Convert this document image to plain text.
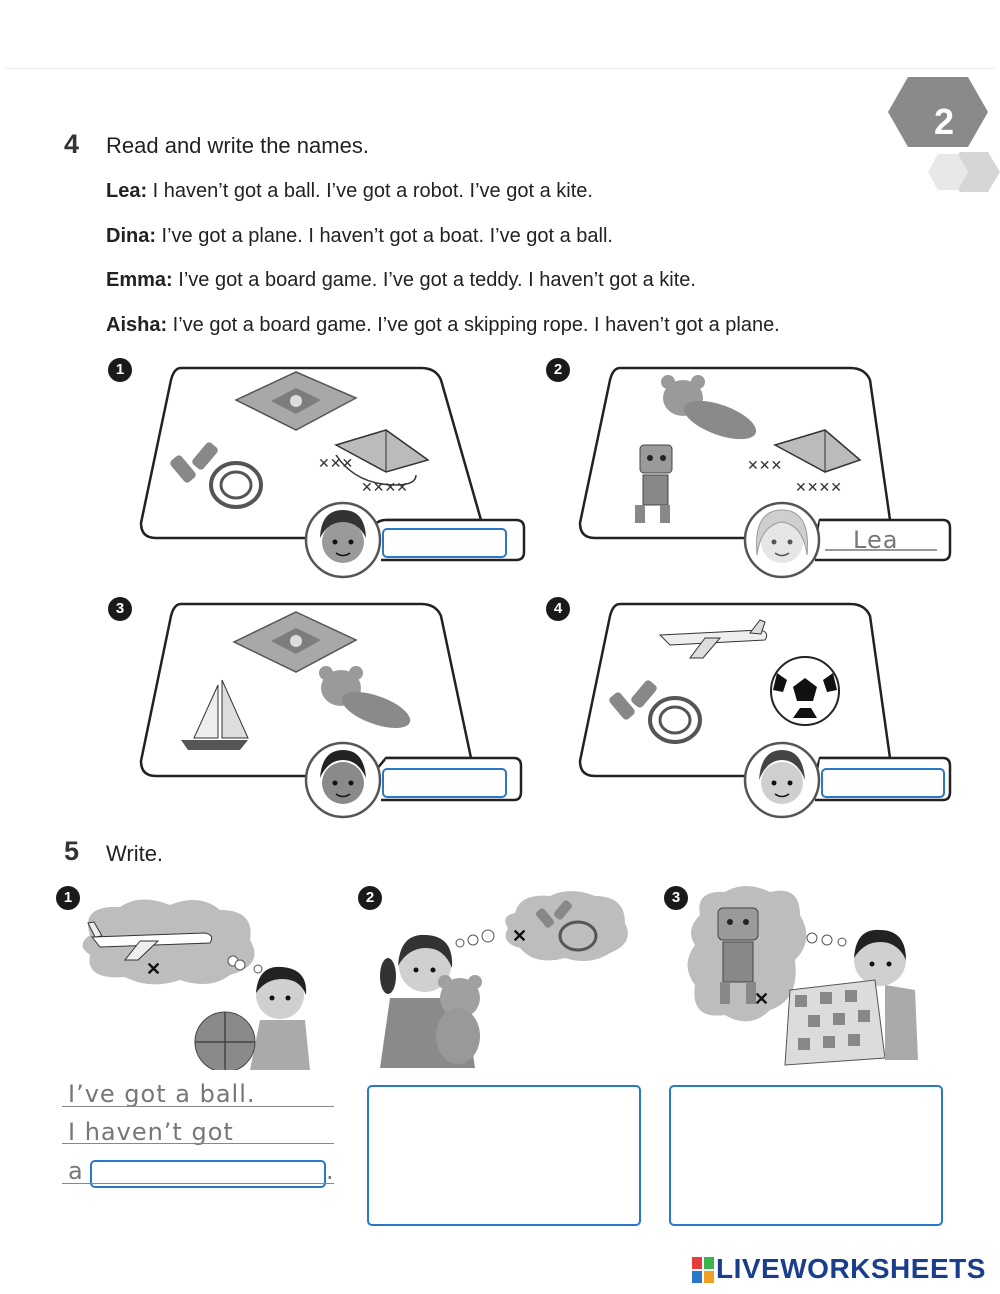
2
4 Read and write the names.
Lea: I haven’t got a ball. I’ve got a robot. I’ve got a kite.
Dina: I’ve got a plane. I haven’t got a boat. I’ve got a ball.
Emma: I’ve got a board game. I’ve got a teddy. I haven’t got a kite.
Aisha: I’ve got a board game. I’ve got a skipping rope. I haven’t got a plane.
1	2
3	4
✕✕✕
✕✕✕✕
✕✕✕
✕✕✕✕
Lea
5 Write.
1	2	3
✕
✕
✕
I’ve got a ball.
I haven’t got
a	.
LIVEWORKSHEETS
